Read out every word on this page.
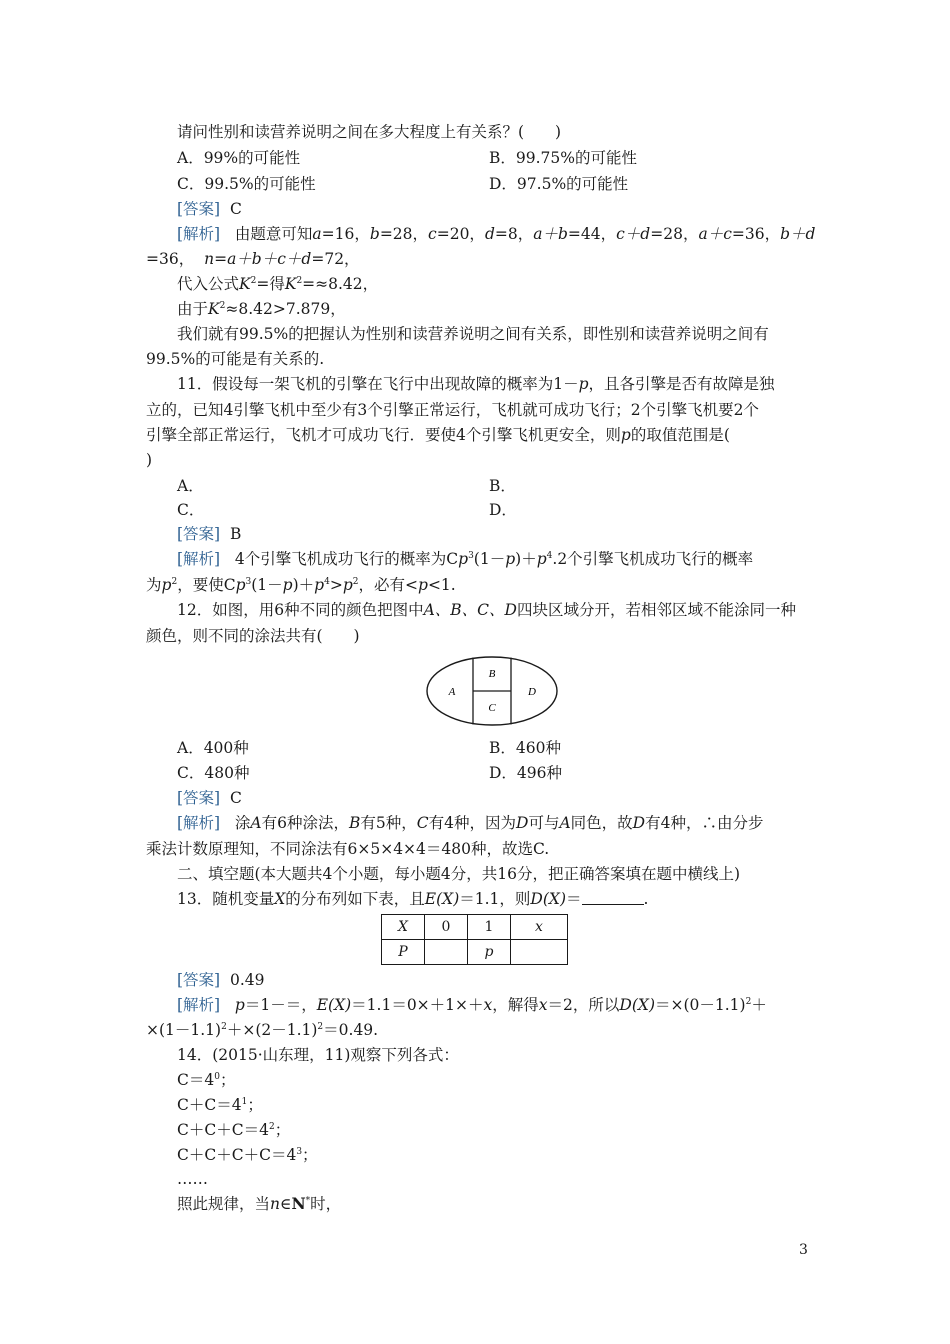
请问性别和读营养说明之间在多大程度上有关系？(　　)
A．99%的可能性	B．99.75%的可能性
C．99.5%的可能性	D．97.5%的可能性
[答案] C
[解析] 由题意可知a=16，b=28，c=20，d=8，a＋b=44，c＋d=28，a＋c=36，b＋d
=36， n=a＋b＋c＋d=72，
代入公式$K^2=$得$K^2=\approx 8.42$，
由于$K^2\approx 8.42>7.879$，
我们就有99.5%的把握认为性别和读营养说明之间有关系，即性别和读营养说明之间有
99.5%的可能是有关系的.
11．假设每一架飞机的引擎在飞行中出现故障的概率为1－p，且各引擎是否有故障是独
立的，已知4引擎飞机中至少有3个引擎正常运行，飞机就可成功飞行；2个引擎飞机要2个
引擎全部正常运行，飞机才可成功飞行．要使4个引擎飞机更安全，则p的取值范围是(
)
A．	B．
C．	D．
[答案] B
[解析] 4个引擎飞机成功飞行的概率为$Cp^3(1-p)+p^4.2$个引擎飞机成功飞行的概率
为$p^2$，要使$Cp^3(1-p)+p^4>p^2$，必有<p<1.
12．如图，用6种不同的颜色把图中A、B、C、D四块区域分开，若相邻区域不能涂同一种
颜色，则不同的涂法共有(　　)
A
B
C
D
A．400种	B．460种
C．480种	D．496种
[答案] C
[解析] 涂A有6种涂法，B有5种，C有4种，因为D可与A同色，故D有4种，∴由分步
乘法计数原理知，不同涂法有6×5×4×4＝480种，故选C.
二、填空题(本大题共4个小题，每小题4分，共16分，把正确答案填在题中横线上)
13．随机变量X的分布列如下表，且E(X)＝1.1，则D(X)＝	.
X	0	1	x
P		p	
[答案] 0.49
[解析] p＝1－＝，E(X)＝1.1＝0×＋1×＋x，解得x＝2，所以$D(X)=\times(0-1.1)^2+$
$\times(1-1.1)^2+\times(2-1.1)^2=0.49$.
14．(2015·山东理，11)观察下列各式：
$C=4^0$；
$C+C=4^1$；
$C+C+C=4^2$；
$C+C+C+C=4^3$；
……
照此规律，当n∈N*时，
3
